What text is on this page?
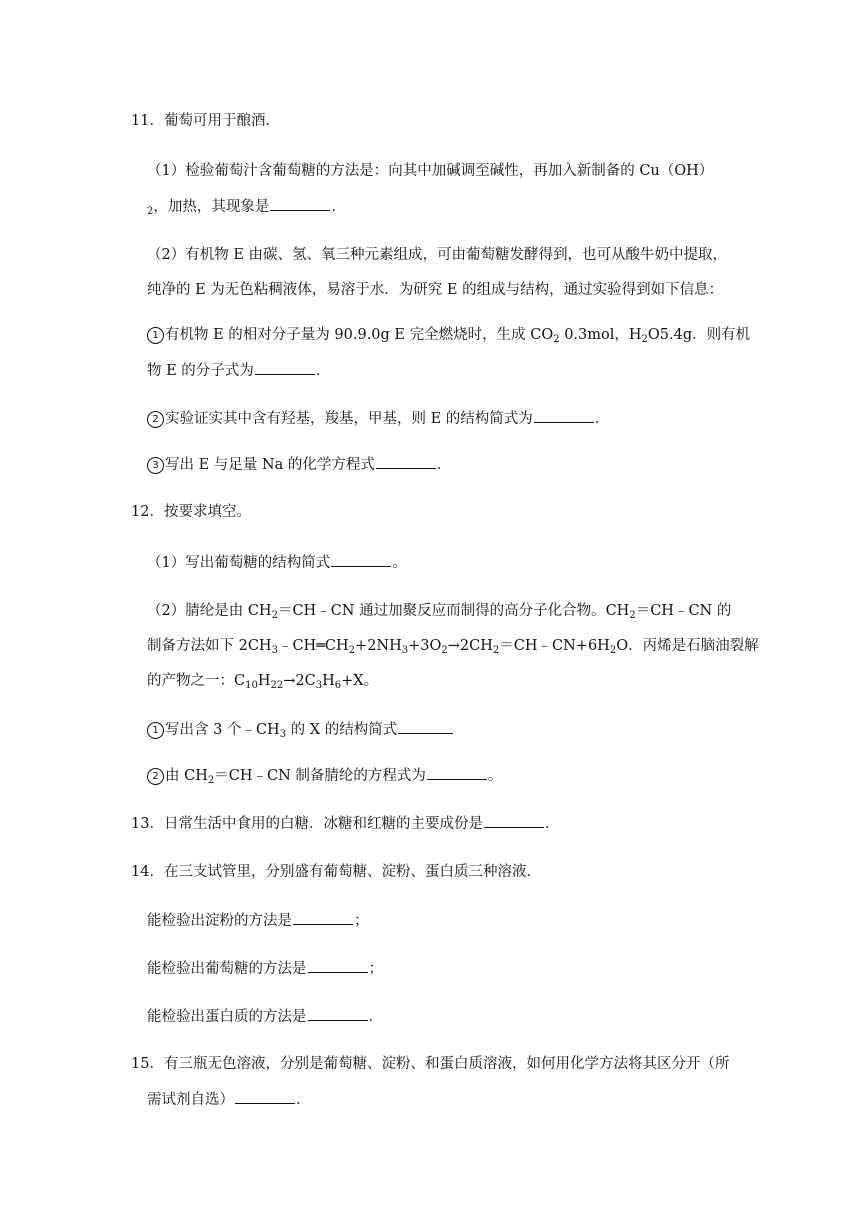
11．葡萄可用于酿酒．
（1）检验葡萄汁含葡萄糖的方法是：向其中加碱调至碱性，再加入新制备的 Cu（OH）
$_2$，加热，其现象是	．
（2）有机物 E 由碳、氢、氧三种元素组成，可由葡萄糖发酵得到，也可从酸牛奶中提取，
纯净的 E 为无色粘稠液体，易溶于水．为研究 E 的组成与结构，通过实验得到如下信息：
1 有机物 E 的相对分子量为 90.9.0g E 完全燃烧时，生成 $CO_2$ 0.3mol，$H_2O5.4g$．则有机
物 E 的分子式为	．
2 实验证实其中含有羟基，羧基，甲基，则 E 的结构简式为	．
3 写出 E 与足量 Na 的化学方程式	．
12．按要求填空。
（1）写出葡萄糖的结构简式	。
（2）腈纶是由 $CH_2=CH﹣CN$ 通过加聚反应而制得的高分子化合物。$CH_2=CH﹣CN$ 的
制备方法如下 $2CH_3﹣CH═CH_2+2NH_3+3O_2\to 2CH_2=CH﹣CN+6H_2O$．丙烯是石脑油裂解
的产物之一：$C_{10}H_{22}\to 2C_3H_6+X$。
1 写出含 3 个$﹣CH_3$ 的 X 的结构简式
2 由 $CH_2=CH﹣CN$ 制备腈纶的方程式为	。
13．日常生活中食用的白糖．冰糖和红糖的主要成份是	．
14．在三支试管里，分别盛有葡萄糖、淀粉、蛋白质三种溶液．
能检验出淀粉的方法是	；
能检验出葡萄糖的方法是	；
能检验出蛋白质的方法是	．
15．有三瓶无色溶液，分别是葡萄糖、淀粉、和蛋白质溶液，如何用化学方法将其区分开（所
需试剂自选）	．
